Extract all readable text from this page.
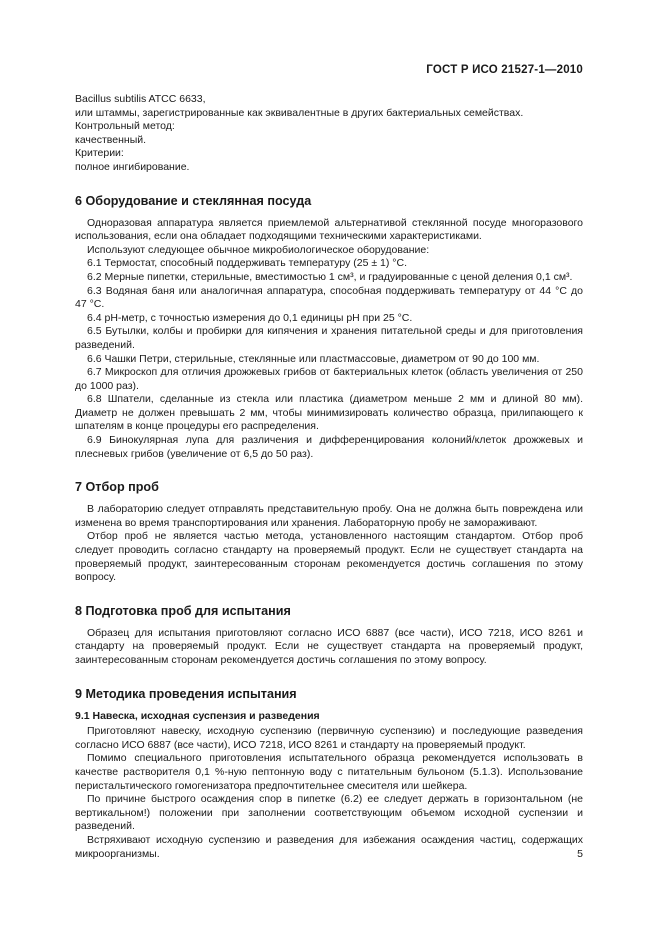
ГОСТ Р ИСО 21527-1—2010

Bacillus subtilis ATCC 6633,

или штаммы, зарегистрированные как эквивалентные в других бактериальных семействах.

Контрольный метод:

качественный.

Критерии:

полное ингибирование.

6 Оборудование и стеклянная посуда

Одноразовая аппаратура является приемлемой альтернативой стеклянной посуде многоразового использования, если она обладает подходящими техническими характеристиками.

Используют следующее обычное микробиологическое оборудование:

6.1 Термостат, способный поддерживать температуру (25 ± 1) °С.

6.2 Мерные пипетки, стерильные, вместимостью 1 см³, и градуированные с ценой деления 0,1 см³.

6.3 Водяная баня или аналогичная аппаратура, способная поддерживать температуру от 44 °С до 47 °С.

6.4 pH-метр, с точностью измерения до 0,1 единицы pH при 25 °С.

6.5 Бутылки, колбы и пробирки для кипячения и хранения питательной среды и для приготовления разведений.

6.6 Чашки Петри, стерильные, стеклянные или пластмассовые, диаметром от 90 до 100 мм.

6.7 Микроскоп для отличия дрожжевых грибов от бактериальных клеток (область увеличения от 250 до 1000 раз).

6.8 Шпатели, сделанные из стекла или пластика (диаметром меньше 2 мм и длиной 80 мм). Диаметр не должен превышать 2 мм, чтобы минимизировать количество образца, прилипающего к шпателям в конце процедуры его распределения.

6.9 Бинокулярная лупа для различения и дифференцирования колоний/клеток дрожжевых и плесневых грибов (увеличение от 6,5 до 50 раз).

7 Отбор проб

В лабораторию следует отправлять представительную пробу. Она не должна быть повреждена или изменена во время транспортирования или хранения. Лабораторную пробу не замораживают.

Отбор проб не является частью метода, установленного настоящим стандартом. Отбор проб следует проводить согласно стандарту на проверяемый продукт. Если не существует стандарта на проверяемый продукт, заинтересованным сторонам рекомендуется достичь соглашения по этому вопросу.

8 Подготовка проб для испытания

Образец для испытания приготовляют согласно ИСО 6887 (все части), ИСО 7218, ИСО 8261 и стандарту на проверяемый продукт. Если не существует стандарта на проверяемый продукт, заинтересованным сторонам рекомендуется достичь соглашения по этому вопросу.

9 Методика проведения испытания
9.1 Навеска, исходная суспензия и разведения

Приготовляют навеску, исходную суспензию (первичную суспензию) и последующие разведения согласно ИСО 6887 (все части), ИСО 7218, ИСО 8261 и стандарту на проверяемый продукт.

Помимо специального приготовления испытательного образца рекомендуется использовать в качестве растворителя 0,1 %-ную пептонную воду с питательным бульоном (5.1.3). Использование перистальтического гомогенизатора предпочтительнее смесителя или шейкера.

По причине быстрого осаждения спор в пипетке (6.2) ее следует держать в горизонтальном (не вертикальном!) положении при заполнении соответствующим объемом исходной суспензии и разведений.

Встряхивают исходную суспензию и разведения для избежания осаждения частиц, содержащих микроорганизмы.	5
